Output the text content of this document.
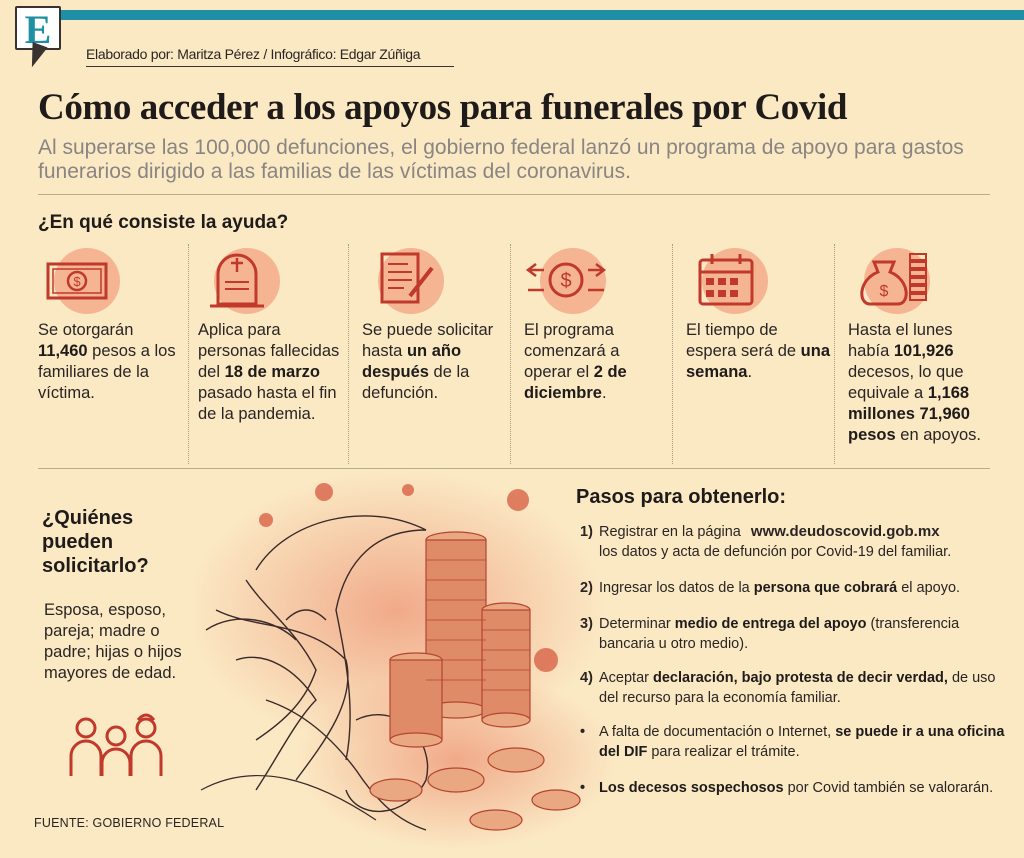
E
Elaborado por: Maritza Pérez / Infográfico: Edgar Zúñiga
Cómo acceder a los apoyos para funerales por Covid
Al superarse las 100,000 defunciones, el gobierno federal lanzó un programa de apoyo para gastos funerarios dirigido a las familias de las víctimas del coronavirus.
¿En qué consiste la ayuda?
$
Se otorgarán 11,460 pesos a los familiares de la víctima.
Aplica para personas fallecidas del 18 de marzo pasado hasta el fin de la pandemia.
Se puede solicitar hasta un año después de la defunción.
$
El programa comenzará a operar el 2 de diciembre.
El tiempo de espera será de una semana.
$
Hasta el lunes había 101,926 decesos, lo que equivale a 1,168 millones 71,960 pesos en apoyos.
¿Quiénes pueden solicitarlo?
Esposa, esposo, pareja; madre o padre; hijas o hijos mayores de edad.
FUENTE: GOBIERNO FEDERAL
Pasos para obtenerlo:
1) Registrar en la página www.deudoscovid.gob.mx
los datos y acta de defunción por Covid-19 del familiar.
2) Ingresar los datos de la persona que cobrará el apoyo.
3) Determinar medio de entrega del apoyo (transferencia bancaria u otro medio).
4) Aceptar declaración, bajo protesta de decir verdad, de uso del recurso para la economía familiar.
• A falta de documentación o Internet, se puede ir a una oficina del DIF para realizar el trámite.
• Los decesos sospechosos por Covid también se valorarán.
